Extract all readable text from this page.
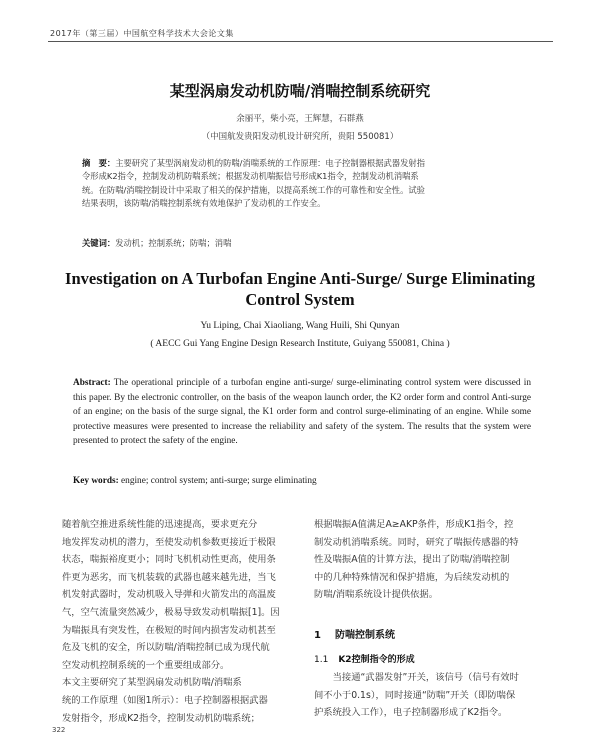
2017年（第三届）中国航空科学技术大会论文集
某型涡扇发动机防喘/消喘控制系统研究
余丽平，柴小亮，王辉慧，石群燕
（中国航发贵阳发动机设计研究所，贵阳 550081）
摘　要：主要研究了某型涡扇发动机的防喘/消喘系统的工作原理：电子控制器根据武器发射指
令形成K2指令，控制发动机防喘系统；根据发动机喘振信号形成K1指令，控制发动机消喘系
统。在防喘/消喘控制设计中采取了相关的保护措施，以提高系统工作的可靠性和安全性。试验
结果表明，该防喘/消喘控制系统有效地保护了发动机的工作安全。
关键词：发动机；控制系统；防喘；消喘
Investigation on A Turbofan Engine Anti-Surge/ Surge Eliminating
Control System
Yu Liping, Chai Xiaoliang, Wang Huili, Shi Qunyan
( AECC Gui Yang Engine Design Research Institute, Guiyang 550081, China )
Abstract: The operational principle of a turbofan engine anti-surge/ surge-eliminating control system were discussed in this paper. By the electronic controller, on the basis of the weapon launch order, the K2 order form and control Anti-surge of an engine; on the basis of the surge signal, the K1 order form and control surge-eliminating of an engine. While some protective measures were presented to increase the reliability and safety of the system. The results that the system were presented to protect the safety of the engine.
Key words: engine; control system; anti-surge; surge eliminating
随着航空推进系统性能的迅速提高，要求更充分
地发挥发动机的潜力，至使发动机参数更接近于极限
状态，喘振裕度更小；同时飞机机动性更高，使用条
件更为恶劣，而飞机装载的武器也越来越先进，当飞
机发射武器时，发动机吸入导弹和火箭发出的高温废
气，空气流量突然减少，极易导致发动机喘振[1]。因
为喘振具有突发性，在极短的时间内损害发动机甚至
危及飞机的安全，所以防喘/消喘控制已成为现代航
空发动机控制系统的一个重要组成部分。
本文主要研究了某型涡扇发动机防喘/消喘系
统的工作原理（如图1所示）：电子控制器根据武器
发射指令，形成K2指令，控制发动机防喘系统；
根据喘振A值满足A≥AKP条件，形成K1指令，控
制发动机消喘系统。同时，研究了喘振传感器的特
性及喘振A值的计算方法，提出了防喘/消喘控制
中的几种特殊情况和保护措施，为后续发动机的
防喘/消喘系统设计提供依据。
1 防喘控制系统
1.1 K2控制指令的形成
当接通“武器发射”开关，该信号（信号有效时
间不小于0.1s），同时接通“防喘”开关（即防喘保
护系统投入工作），电子控制器形成了K2指令。
322
